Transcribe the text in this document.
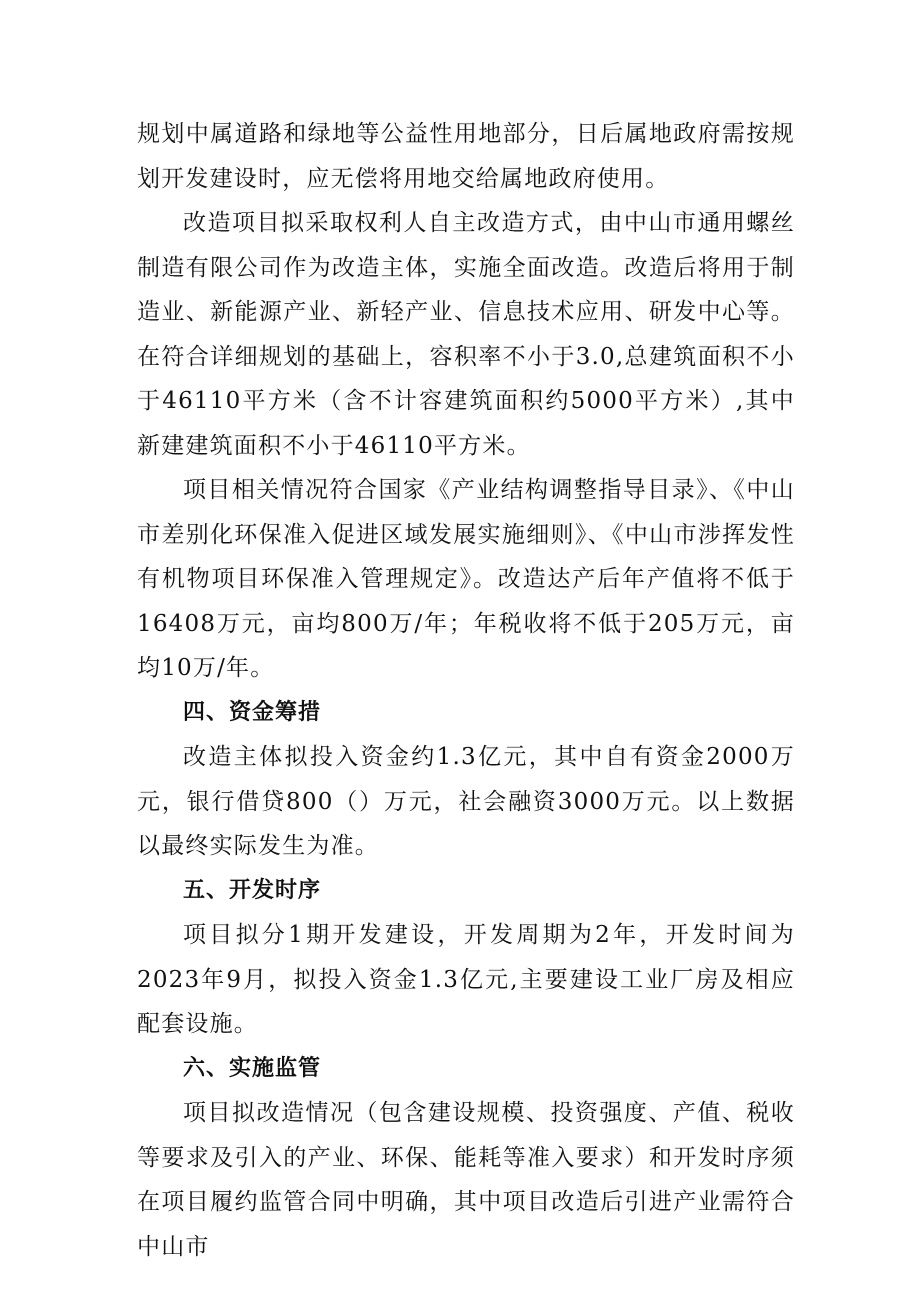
规划中属道路和绿地等公益性用地部分，日后属地政府需按规划开发建设时，应无偿将用地交给属地政府使用。

改造项目拟采取权利人自主改造方式，由中山市通用螺丝制造有限公司作为改造主体，实施全面改造。改造后将用于制造业、新能源产业、新轻产业、信息技术应用、研发中心等。在符合详细规划的基础上，容积率不小于3.0,总建筑面积不小于46110平方米（含不计容建筑面积约5000平方米）,其中新建建筑面积不小于46110平方米。

项目相关情况符合国家《产业结构调整指导目录》、《中山市差别化环保准入促进区域发展实施细则》、《中山市涉挥发性有机物项目环保准入管理规定》。改造达产后年产值将不低于16408万元，亩均800万/年；年税收将不低于205万元，亩均10万/年。

四、资金筹措

改造主体拟投入资金约1.3亿元，其中自有资金2000万元，银行借贷800（）万元，社会融资3000万元。以上数据以最终实际发生为准。

五、开发时序

项目拟分1期开发建设，开发周期为2年，开发时间为2023年9月，拟投入资金1.3亿元,主要建设工业厂房及相应配套设施。

六、实施监管

项目拟改造情况（包含建设规模、投资强度、产值、税收等要求及引入的产业、环保、能耗等准入要求）和开发时序须在项目履约监管合同中明确，其中项目改造后引进产业需符合中山市
